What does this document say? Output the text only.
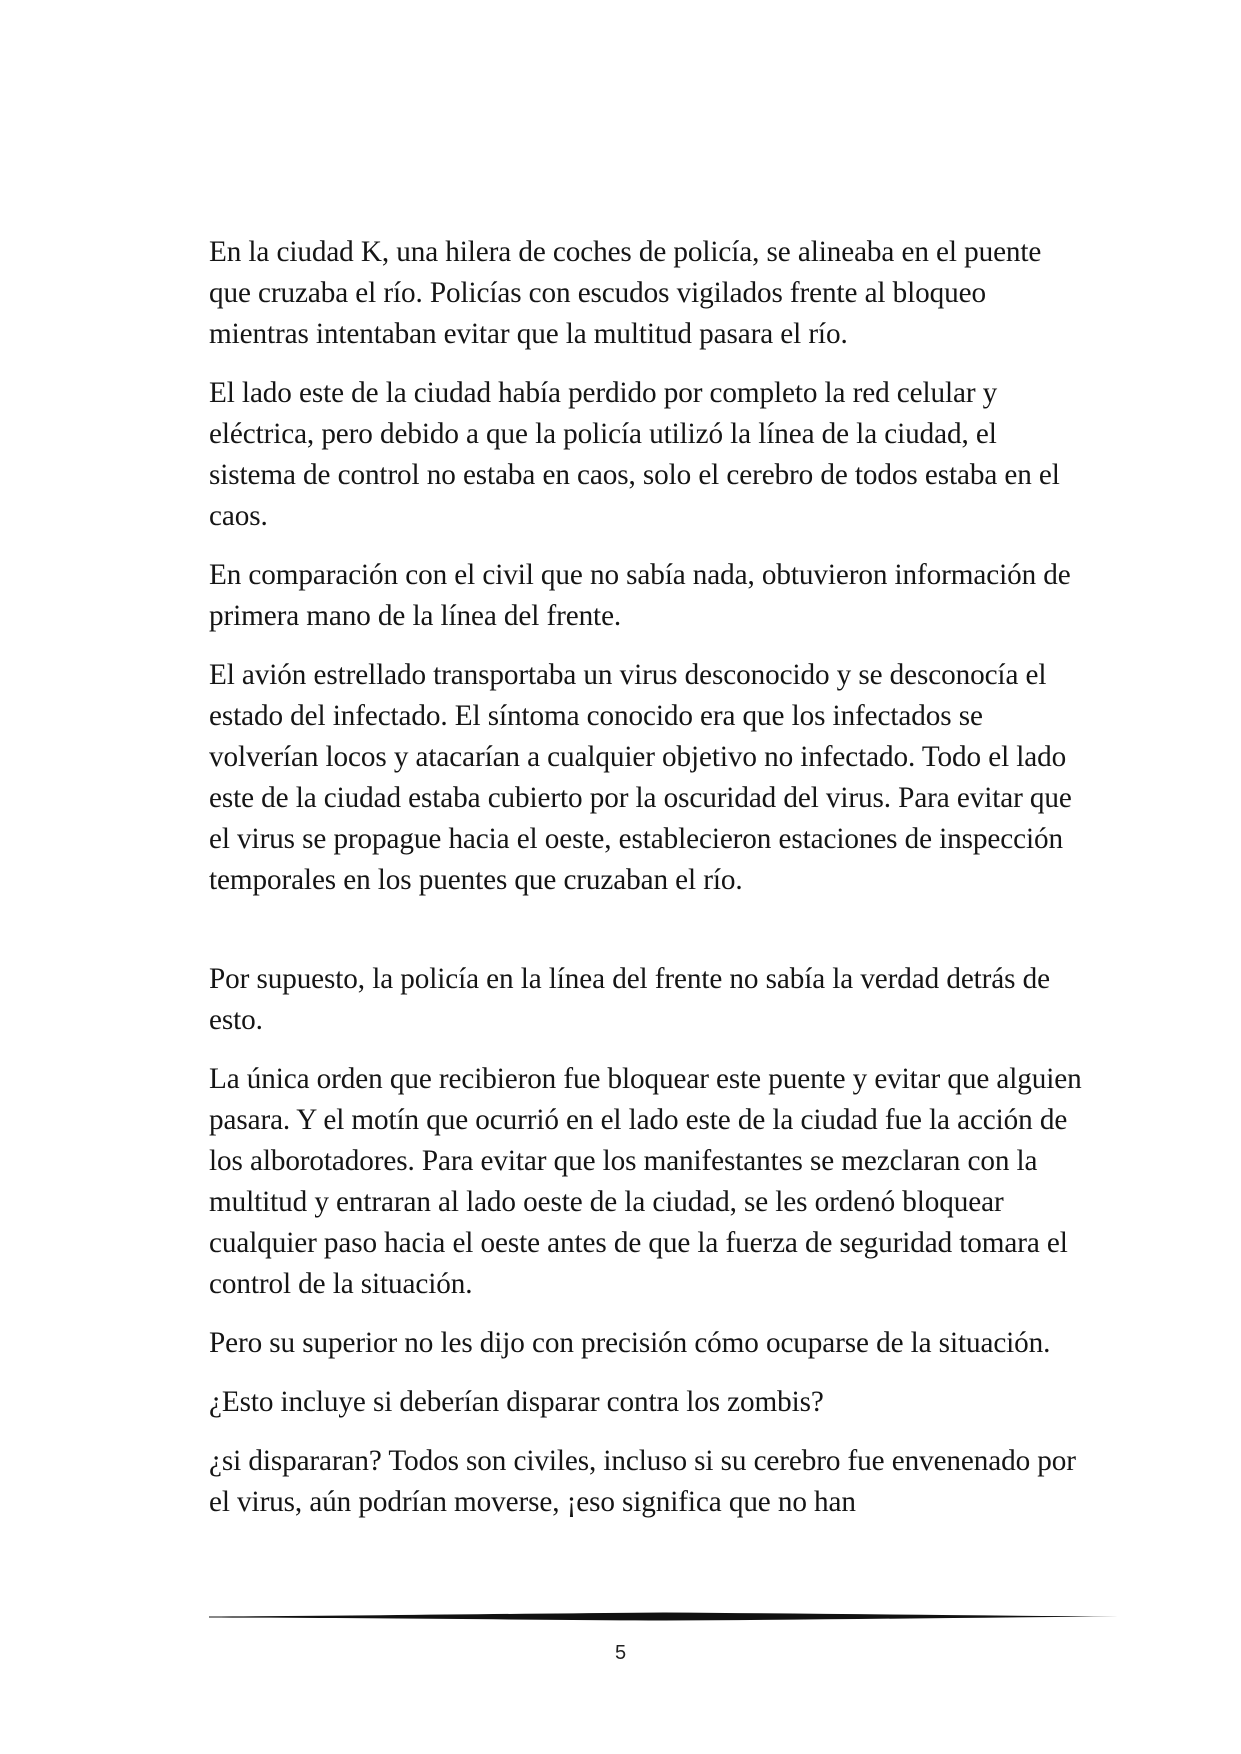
En la ciudad K, una hilera de coches de policía, se alineaba en el puente que cruzaba el río. Policías con escudos vigilados frente al bloqueo mientras intentaban evitar que la multitud pasara el río.

El lado este de la ciudad había perdido por completo la red celular y eléctrica, pero debido a que la policía utilizó la línea de la ciudad, el sistema de control no estaba en caos, solo el cerebro de todos estaba en el caos.

En comparación con el civil que no sabía nada, obtuvieron información de primera mano de la línea del frente.

El avión estrellado transportaba un virus desconocido y se desconocía el estado del infectado. El síntoma conocido era que los infectados se volverían locos y atacarían a cualquier objetivo no infectado. Todo el lado este de la ciudad estaba cubierto por la oscuridad del virus. Para evitar que el virus se propague hacia el oeste, establecieron estaciones de inspección temporales en los puentes que cruzaban el río.

Por supuesto, la policía en la línea del frente no sabía la verdad detrás de esto.

La única orden que recibieron fue bloquear este puente y evitar que alguien pasara. Y el motín que ocurrió en el lado este de la ciudad fue la acción de los alborotadores. Para evitar que los manifestantes se mezclaran con la multitud y entraran al lado oeste de la ciudad, se les ordenó bloquear cualquier paso hacia el oeste antes de que la fuerza de seguridad tomara el control de la situación.

Pero su superior no les dijo con precisión cómo ocuparse de la situación.

¿Esto incluye si deberían disparar contra los zombis?

¿si dispararan? Todos son civiles, incluso si su cerebro fue envenenado por el virus, aún podrían moverse, ¡eso significa que no han

5
